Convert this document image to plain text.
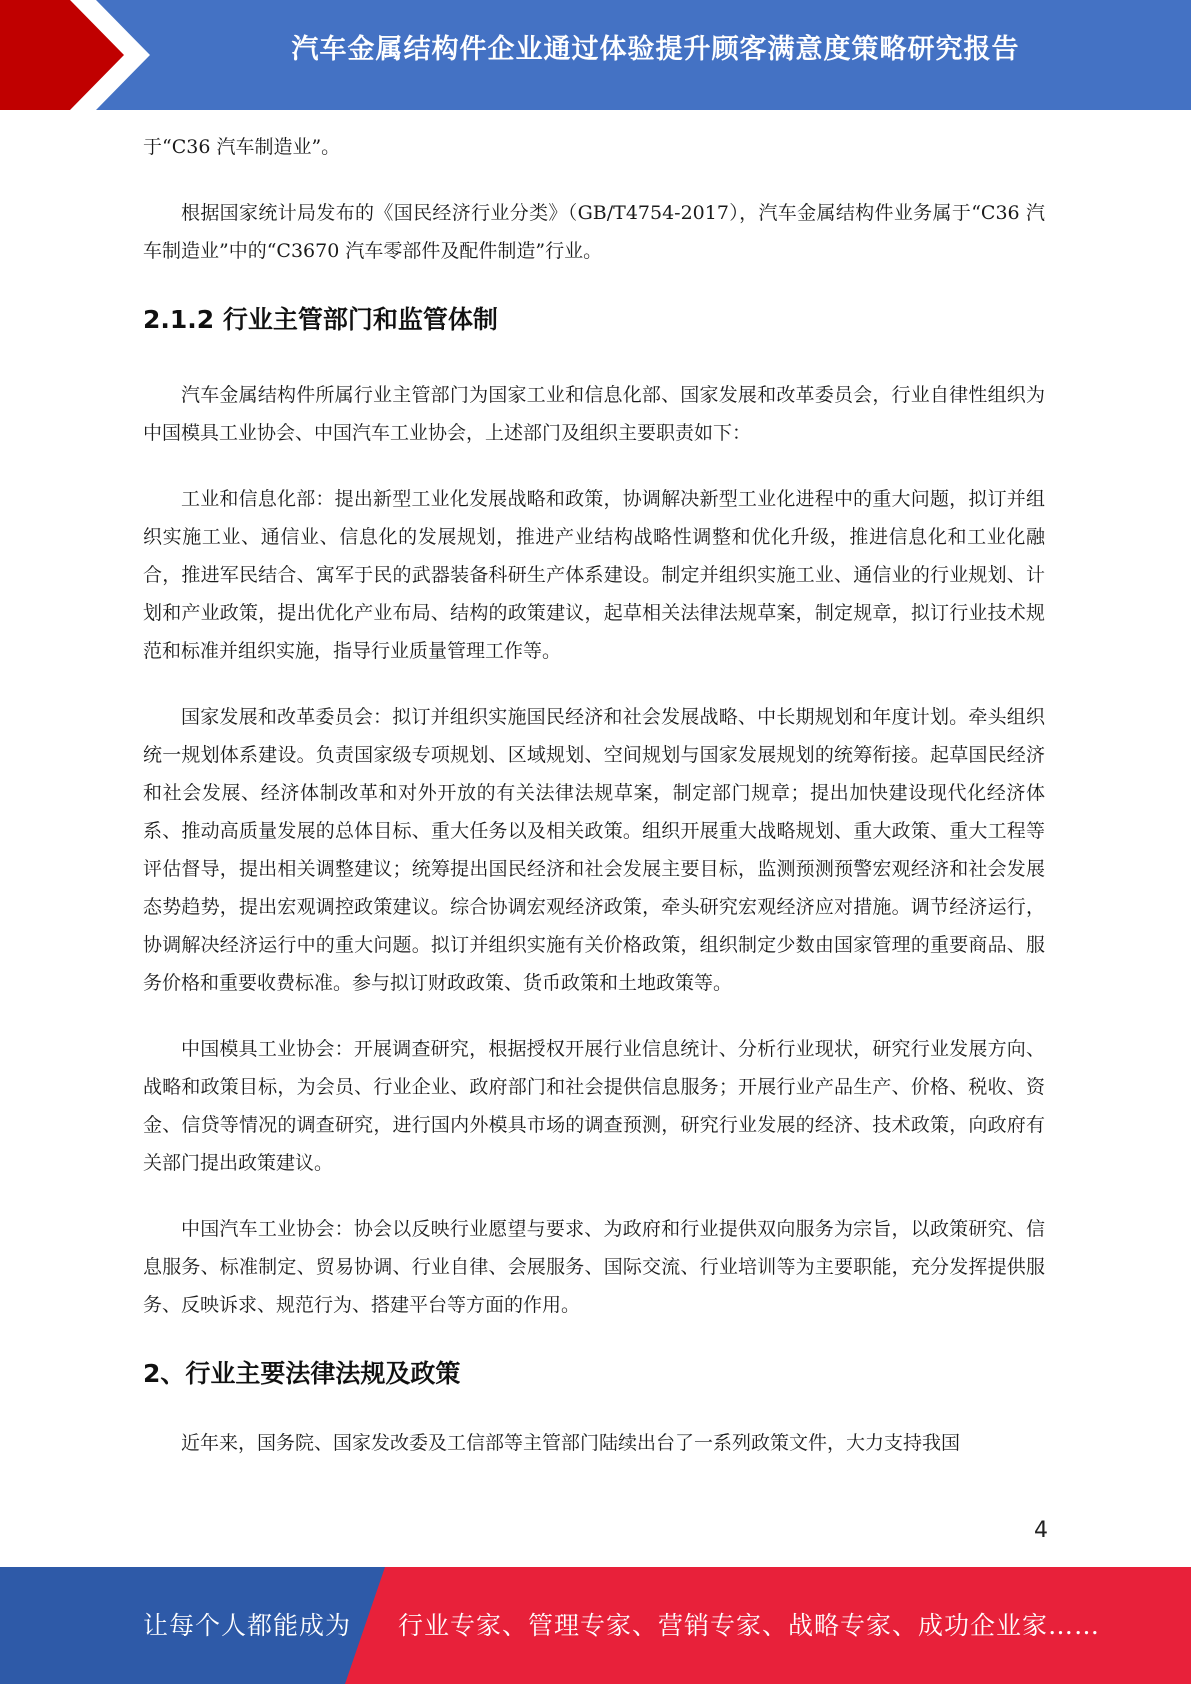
汽车金属结构件企业通过体验提升顾客满意度策略研究报告

于“C36 汽车制造业”。

根据国家统计局发布的《国民经济行业分类》（GB/T4754-2017），汽车金属结构件业务属于“C36 汽车制造业”中的“C3670 汽车零部件及配件制造”行业。

2.1.2 行业主管部门和监管体制

汽车金属结构件所属行业主管部门为国家工业和信息化部、国家发展和改革委员会，行业自律性组织为中国模具工业协会、中国汽车工业协会，上述部门及组织主要职责如下：

工业和信息化部：提出新型工业化发展战略和政策，协调解决新型工业化进程中的重大问题，拟订并组织实施工业、通信业、信息化的发展规划，推进产业结构战略性调整和优化升级，推进信息化和工业化融合，推进军民结合、寓军于民的武器装备科研生产体系建设。制定并组织实施工业、通信业的行业规划、计划和产业政策，提出优化产业布局、结构的政策建议，起草相关法律法规草案，制定规章，拟订行业技术规范和标准并组织实施，指导行业质量管理工作等。

国家发展和改革委员会：拟订并组织实施国民经济和社会发展战略、中长期规划和年度计划。牵头组织统一规划体系建设。负责国家级专项规划、区域规划、空间规划与国家发展规划的统筹衔接。起草国民经济和社会发展、经济体制改革和对外开放的有关法律法规草案，制定部门规章；提出加快建设现代化经济体系、推动高质量发展的总体目标、重大任务以及相关政策。组织开展重大战略规划、重大政策、重大工程等评估督导，提出相关调整建议；统筹提出国民经济和社会发展主要目标，监测预测预警宏观经济和社会发展态势趋势，提出宏观调控政策建议。综合协调宏观经济政策，牵头研究宏观经济应对措施。调节经济运行，协调解决经济运行中的重大问题。拟订并组织实施有关价格政策，组织制定少数由国家管理的重要商品、服务价格和重要收费标准。参与拟订财政政策、货币政策和土地政策等。

中国模具工业协会：开展调查研究，根据授权开展行业信息统计、分析行业现状，研究行业发展方向、战略和政策目标，为会员、行业企业、政府部门和社会提供信息服务；开展行业产品生产、价格、税收、资金、信贷等情况的调查研究，进行国内外模具市场的调查预测，研究行业发展的经济、技术政策，向政府有关部门提出政策建议。

中国汽车工业协会：协会以反映行业愿望与要求、为政府和行业提供双向服务为宗旨，以政策研究、信息服务、标准制定、贸易协调、行业自律、会展服务、国际交流、行业培训等为主要职能，充分发挥提供服务、反映诉求、规范行为、搭建平台等方面的作用。

2、行业主要法律法规及政策

近年来，国务院、国家发改委及工信部等主管部门陆续出台了一系列政策文件，大力支持我国

4
让每个人都能成为 行业专家、管理专家、营销专家、战略专家、成功企业家……
